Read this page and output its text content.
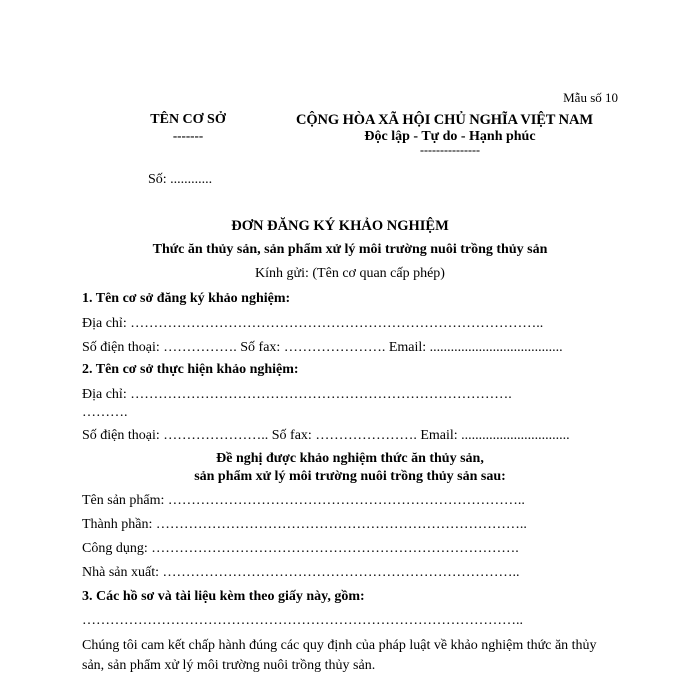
Mẫu số 10
TÊN CƠ SỞ
-------
CỘNG HÒA XÃ HỘI CHỦ NGHĨA VIỆT NAM
Độc lập - Tự do - Hạnh phúc
---------------
Số: ............
ĐƠN ĐĂNG KÝ KHẢO NGHIỆM
Thức ăn thủy sản, sản phẩm xử lý môi trường nuôi trồng thủy sản
Kính gửi: (Tên cơ quan cấp phép)
1. Tên cơ sở đăng ký khảo nghiệm:
Địa chỉ: ……………………………………………………………………………..
Số điện thoại: ……………. Số fax: …………………. Email: ......................................
2. Tên cơ sở thực hiện khảo nghiệm:
Địa chỉ: ……………………………………………………………………….
……….
Số điện thoại: ………………….. Số fax: …………………. Email: ...............................
Đề nghị được khảo nghiệm thức ăn thủy sản,
sản phẩm xử lý môi trường nuôi trồng thủy sản sau:
Tên sản phẩm: …………………………………………………………………..
Thành phần: ……………………………………………………………………..
Công dụng: …………………………………………………………………….
Nhà sản xuất: …………………………………………………………………..
3. Các hồ sơ và tài liệu kèm theo giấy này, gồm:
…………………………………………………………………………………..
Chúng tôi cam kết chấp hành đúng các quy định của pháp luật về khảo nghiệm thức ăn thủy sản, sản phẩm xử lý môi trường nuôi trồng thủy sản.
